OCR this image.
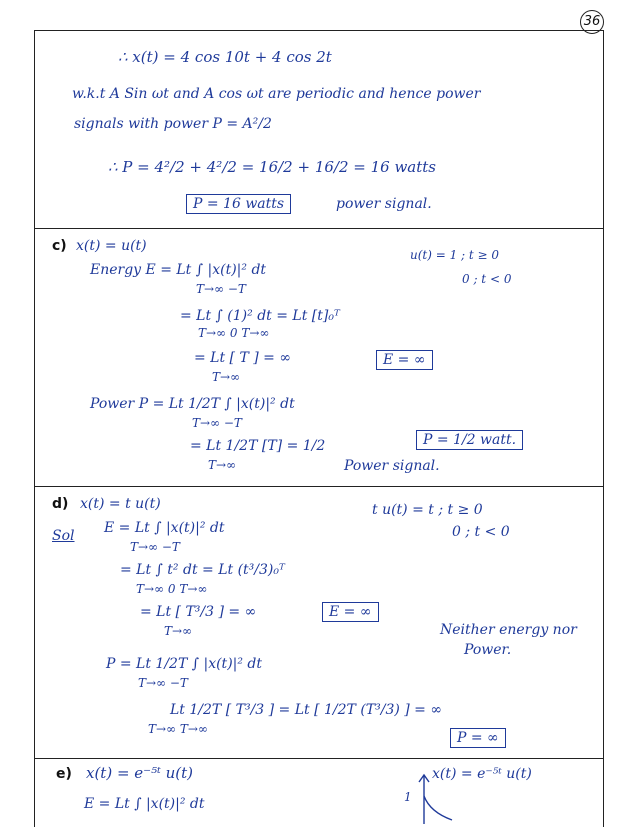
36
∴ x(t) = 4 cos 10t + 4 cos 2t
w.k.t A Sin ωt and A cos ωt are periodic and hence power
signals with power P = A²/2
∴ P = 4²/2 + 4²/2 = 16/2 + 16/2 = 16 watts
P = 16 watts	power signal.
c) x(t) = u(t)
u(t) = 1 ; t ≥ 0
0 ; t < 0
Energy E = Lt ∫ |x(t)|² dt
T→∞ −T
= Lt ∫ (1)² dt = Lt [t]₀ᵀ
T→∞ 0 T→∞
= Lt [ T ] = ∞
T→∞
E = ∞
Power P = Lt 1/2T ∫ |x(t)|² dt
T→∞ −T
= Lt 1/2T [T] = 1/2
T→∞
P = 1/2 watt.
Power signal.
d) x(t) = t u(t)	t u(t) = t ; t ≥ 0
0 ; t < 0
Sol E = Lt ∫ |x(t)|² dt
T→∞ −T
= Lt ∫ t² dt = Lt (t³/3)₀ᵀ
T→∞ 0 T→∞
= Lt [ T³/3 ] = ∞
T→∞
E = ∞
Neither energy nor
Power.
P = Lt 1/2T ∫ |x(t)|² dt
T→∞ −T
Lt 1/2T [ T³/3 ] = Lt [ 1/2T (T³/3) ] = ∞
T→∞ T→∞
P = ∞
e) x(t) = e⁻⁵ᵗ u(t)
E = Lt ∫ |x(t)|² dt	1
x(t) = e⁻⁵ᵗ u(t)
